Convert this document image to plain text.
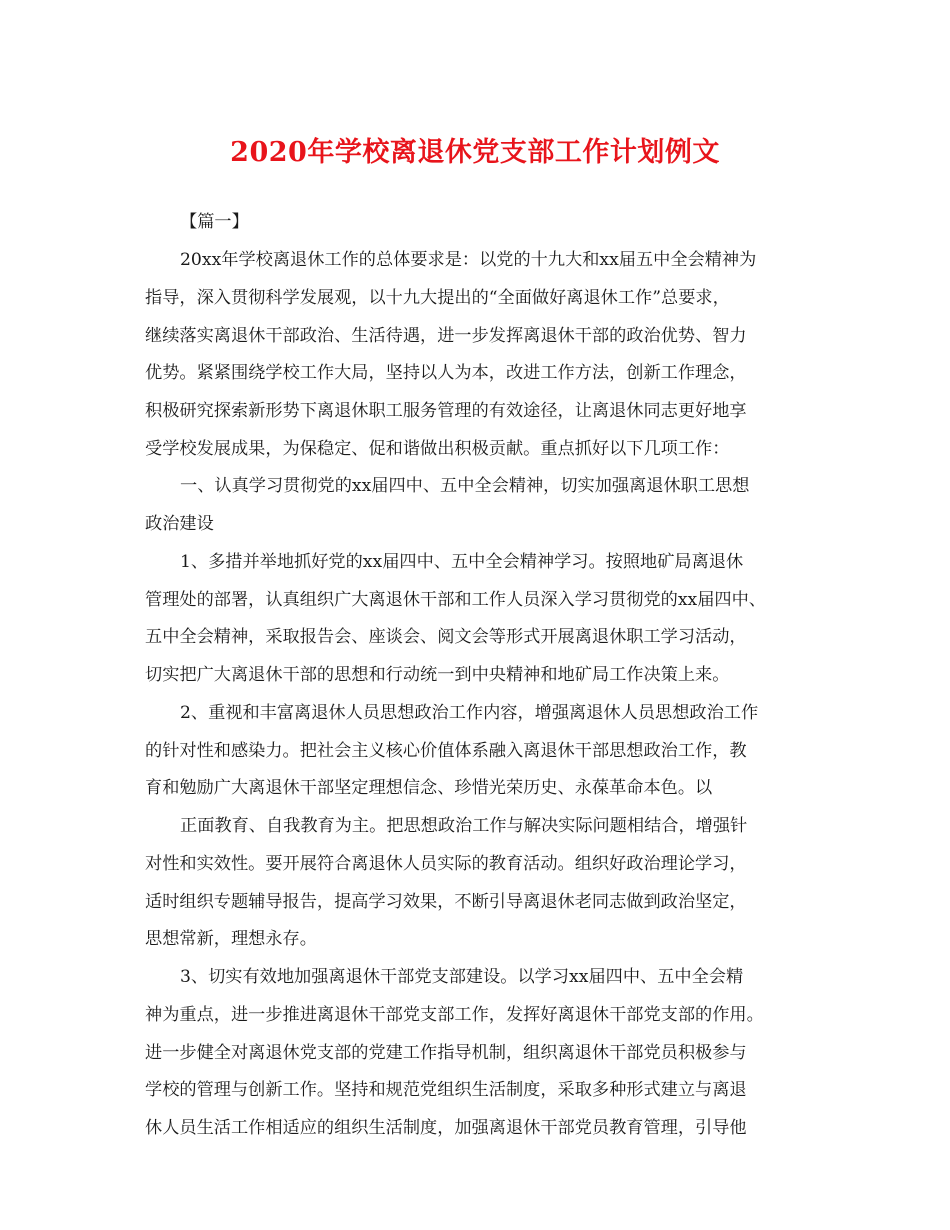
2020年学校离退休党支部工作计划例文
【篇一】
20xx年学校离退休工作的总体要求是：以党的十九大和xx届五中全会精神为
指导，深入贯彻科学发展观，以十九大提出的“全面做好离退休工作”总要求，
继续落实离退休干部政治、生活待遇，进一步发挥离退休干部的政治优势、智力
优势。紧紧围绕学校工作大局，坚持以人为本，改进工作方法，创新工作理念，
积极研究探索新形势下离退休职工服务管理的有效途径，让离退休同志更好地享
受学校发展成果，为保稳定、促和谐做出积极贡献。重点抓好以下几项工作：
一、认真学习贯彻党的xx届四中、五中全会精神，切实加强离退休职工思想
政治建设
1、多措并举地抓好党的xx届四中、五中全会精神学习。按照地矿局离退休
管理处的部署，认真组织广大离退休干部和工作人员深入学习贯彻党的xx届四中、
五中全会精神，采取报告会、座谈会、阅文会等形式开展离退休职工学习活动，
切实把广大离退休干部的思想和行动统一到中央精神和地矿局工作决策上来。
2、重视和丰富离退休人员思想政治工作内容，增强离退休人员思想政治工作
的针对性和感染力。把社会主义核心价值体系融入离退休干部思想政治工作，教
育和勉励广大离退休干部坚定理想信念、珍惜光荣历史、永葆革命本色。以
正面教育、自我教育为主。把思想政治工作与解决实际问题相结合，增强针
对性和实效性。要开展符合离退休人员实际的教育活动。组织好政治理论学习，
适时组织专题辅导报告，提高学习效果，不断引导离退休老同志做到政治坚定，
思想常新，理想永存。
3、切实有效地加强离退休干部党支部建设。以学习xx届四中、五中全会精
神为重点，进一步推进离退休干部党支部工作，发挥好离退休干部党支部的作用。
进一步健全对离退休党支部的党建工作指导机制，组织离退休干部党员积极参与
学校的管理与创新工作。坚持和规范党组织生活制度，采取多种形式建立与离退
休人员生活工作相适应的组织生活制度，加强离退休干部党员教育管理，引导他
